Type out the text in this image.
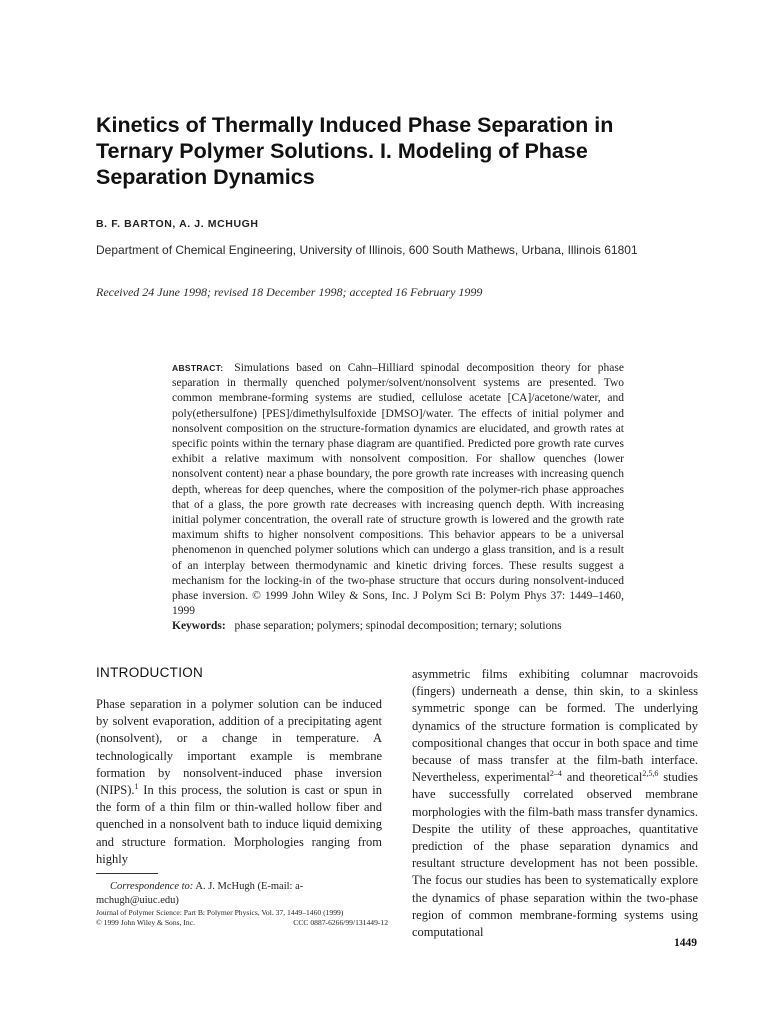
Kinetics of Thermally Induced Phase Separation in Ternary Polymer Solutions. I. Modeling of Phase Separation Dynamics
B. F. BARTON, A. J. MCHUGH
Department of Chemical Engineering, University of Illinois, 600 South Mathews, Urbana, Illinois 61801
Received 24 June 1998; revised 18 December 1998; accepted 16 February 1999
ABSTRACT: Simulations based on Cahn–Hilliard spinodal decomposition theory for phase separation in thermally quenched polymer/solvent/nonsolvent systems are presented. Two common membrane-forming systems are studied, cellulose acetate [CA]/acetone/water, and poly(ethersulfone) [PES]/dimethylsulfoxide [DMSO]/water. The effects of initial polymer and nonsolvent composition on the structure-formation dynamics are elucidated, and growth rates at specific points within the ternary phase diagram are quantified. Predicted pore growth rate curves exhibit a relative maximum with nonsolvent composition. For shallow quenches (lower nonsolvent content) near a phase boundary, the pore growth rate increases with increasing quench depth, whereas for deep quenches, where the composition of the polymer-rich phase approaches that of a glass, the pore growth rate decreases with increasing quench depth. With increasing initial polymer concentration, the overall rate of structure growth is lowered and the growth rate maximum shifts to higher nonsolvent compositions. This behavior appears to be a universal phenomenon in quenched polymer solutions which can undergo a glass transition, and is a result of an interplay between thermodynamic and kinetic driving forces. These results suggest a mechanism for the locking-in of the two-phase structure that occurs during nonsolvent-induced phase inversion. © 1999 John Wiley & Sons, Inc. J Polym Sci B: Polym Phys 37: 1449–1460, 1999
Keywords: phase separation; polymers; spinodal decomposition; ternary; solutions
INTRODUCTION
Phase separation in a polymer solution can be induced by solvent evaporation, addition of a precipitating agent (nonsolvent), or a change in temperature. A technologically important example is membrane formation by nonsolvent-induced phase inversion (NIPS).$^1$ In this process, the solution is cast or spun in the form of a thin film or thin-walled hollow fiber and quenched in a nonsolvent bath to induce liquid demixing and structure formation. Morphologies ranging from highly
asymmetric films exhibiting columnar macrovoids (fingers) underneath a dense, thin skin, to a skinless symmetric sponge can be formed. The underlying dynamics of the structure formation is complicated by compositional changes that occur in both space and time because of mass transfer at the film-bath interface. Nevertheless, experimental$^{2-4}$ and theoretical$^{2,5,6}$ studies have successfully correlated observed membrane morphologies with the film-bath mass transfer dynamics. Despite the utility of these approaches, quantitative prediction of the phase separation dynamics and resultant structure development has not been possible. The focus our studies has been to systematically explore the dynamics of phase separation within the two-phase region of common membrane-forming systems using computational
Correspondence to: A. J. McHugh (E-mail: a-mchugh@uiuc.edu)
Journal of Polymer Science: Part B: Polymer Physics, Vol. 37, 1449–1460 (1999)
© 1999 John Wiley & Sons, Inc.	CCC 0887-6266/99/131449-12
1449
